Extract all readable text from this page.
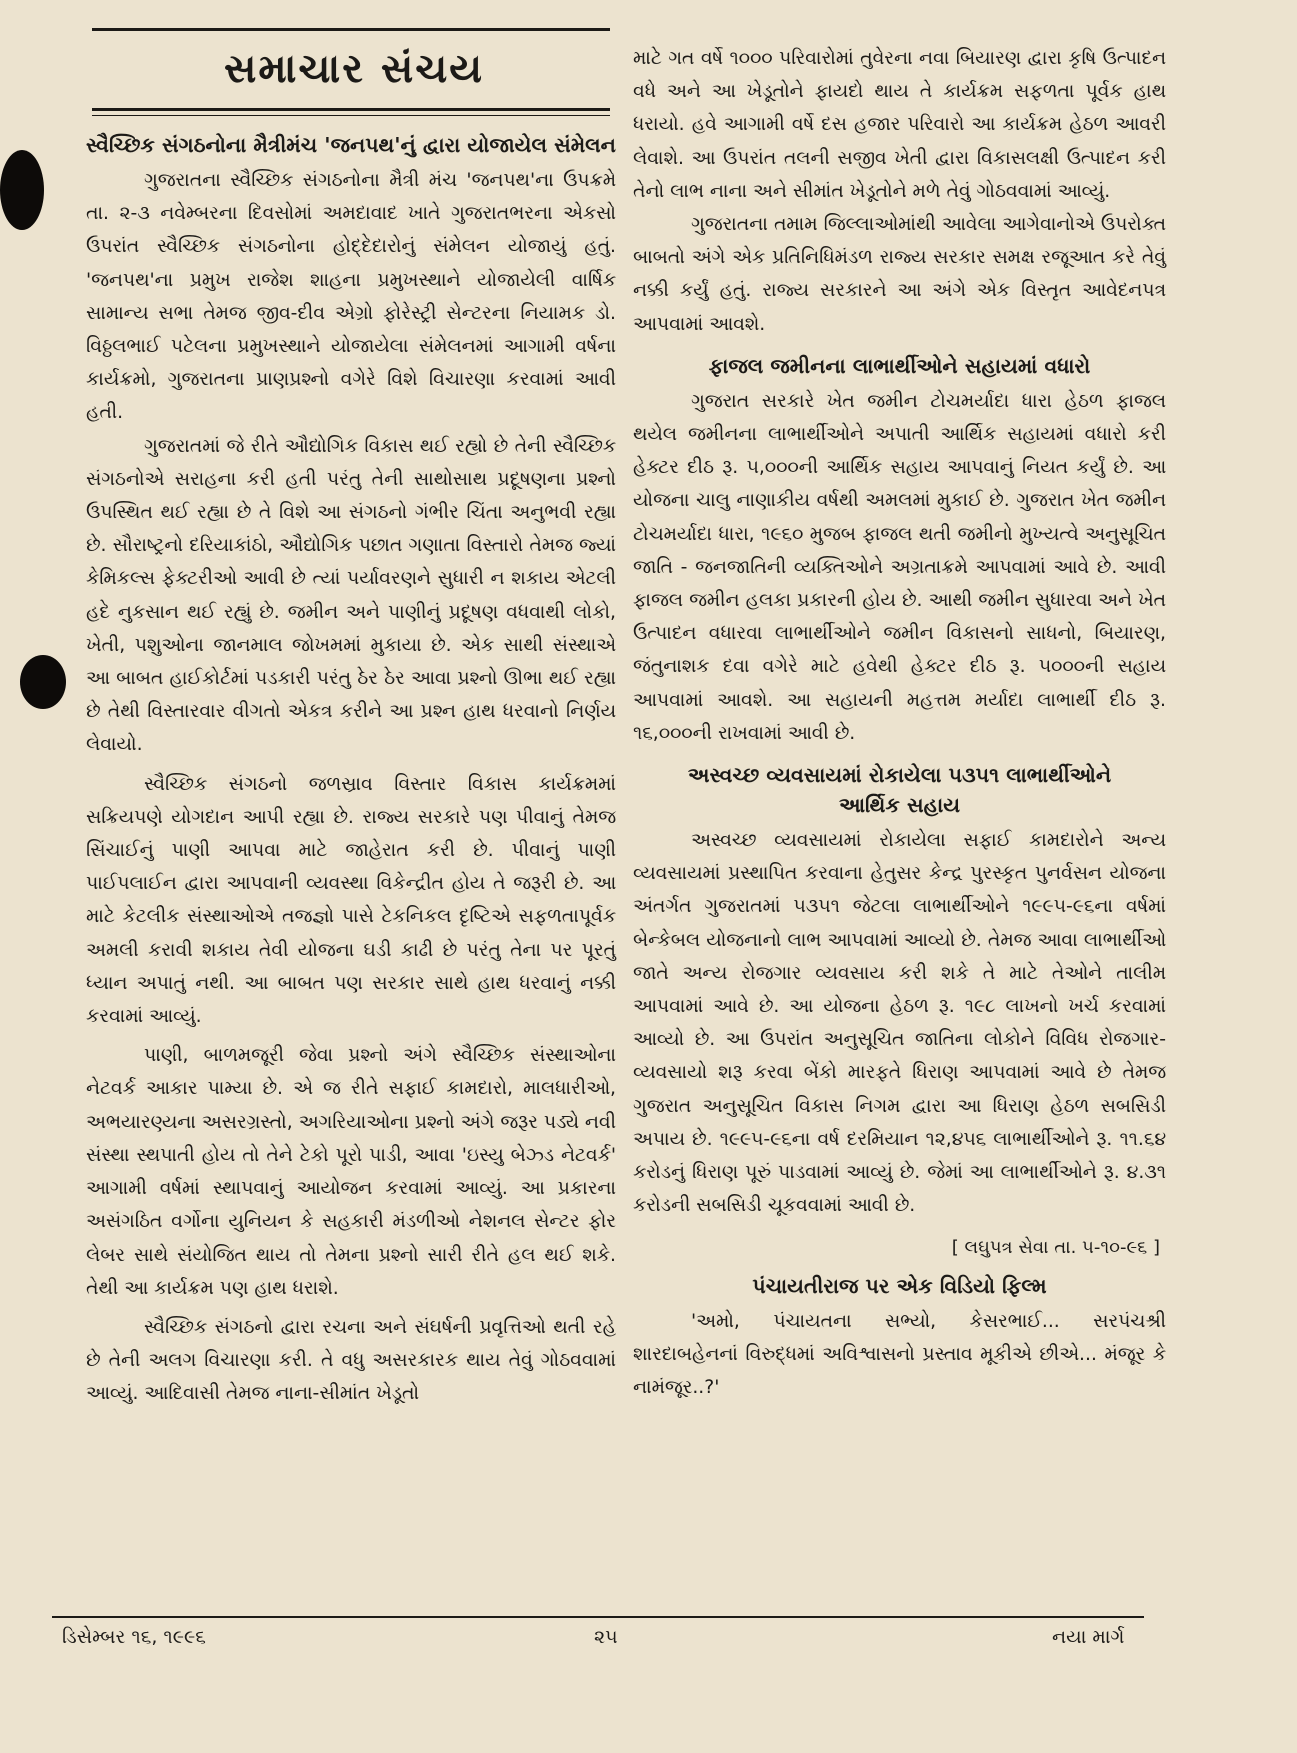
સમાચાર સંચય
સ્વૈચ્છિક સંગઠનોના મૈત્રીમંચ 'જનપથ'નું દ્વારા યોજાયેલ સંમેલન

ગુજરાતના સ્વૈચ્છિક સંગઠનોના મૈત્રી મંચ 'જનપથ'ના ઉપક્રમે તા. ૨-૩ નવેમ્બરના દિવસોમાં અમદાવાદ ખાતે ગુજરાતભરના એકસો ઉપરાંત સ્વૈચ્છિક સંગઠનોના હોદ્દેદારોનું સંમેલન યોજાયું હતું. 'જનપથ'ના પ્રમુખ રાજેશ શાહના પ્રમુખસ્થાને યોજાયેલી વાર્ષિક સામાન્ય સભા તેમજ જીવ-દીવ એગ્રો ફોરેસ્ટ્રી સેન્ટરના નિયામક ડો. વિઠ્ઠલભાઈ પટેલના પ્રમુખસ્થાને યોજાયેલા સંમેલનમાં આગામી વર્ષના કાર્યક્રમો, ગુજરાતના પ્રાણપ્રશ્નો વગેરે વિશે વિચારણા કરવામાં આવી હતી.

ગુજરાતમાં જે રીતે ઔદ્યોગિક વિકાસ થઈ રહ્યો છે તેની સ્વૈચ્છિક સંગઠનોએ સરાહના કરી હતી પરંતુ તેની સાથોસાથ પ્રદૂષણના પ્રશ્નો ઉપસ્થિત થઈ રહ્યા છે તે વિશે આ સંગઠનો ગંભીર ચિંતા અનુભવી રહ્યા છે. સૌરાષ્ટ્રનો દરિયાકાંઠો, ઔદ્યોગિક પછાત ગણાતા વિસ્તારો તેમજ જ્યાં કેમિકલ્સ ફેક્ટરીઓ આવી છે ત્યાં પર્યાવરણને સુધારી ન શકાય એટલી હદે નુકસાન થઈ રહ્યું છે. જમીન અને પાણીનું પ્રદૂષણ વધવાથી લોકો, ખેતી, પશુઓના જાનમાલ જોખમમાં મુકાયા છે. એક સાથી સંસ્થાએ આ બાબત હાઈકોર્ટમાં પડકારી પરંતુ ઠેર ઠેર આવા પ્રશ્નો ઊભા થઈ રહ્યા છે તેથી વિસ્તારવાર વીગતો એકત્ર કરીને આ પ્રશ્ન હાથ ધરવાનો નિર્ણય લેવાયો.

સ્વૈચ્છિક સંગઠનો જળસ્રાવ વિસ્તાર વિકાસ કાર્યક્રમમાં સક્રિયપણે યોગદાન આપી રહ્યા છે. રાજ્ય સરકારે પણ પીવાનું તેમજ સિંચાઈનું પાણી આપવા માટે જાહેરાત કરી છે. પીવાનું પાણી પાઈપલાઈન દ્વારા આપવાની વ્યવસ્થા વિકેન્દ્રીત હોય તે જરૂરી છે. આ માટે કેટલીક સંસ્થાઓએ તજજ્ઞો પાસે ટેકનિકલ દૃષ્ટિએ સફળતાપૂર્વક અમલી કરાવી શકાય તેવી યોજના ઘડી કાઢી છે પરંતુ તેના પર પૂરતું ધ્યાન અપાતું નથી. આ બાબત પણ સરકાર સાથે હાથ ધરવાનું નક્કી કરવામાં આવ્યું.

પાણી, બાળમજૂરી જેવા પ્રશ્નો અંગે સ્વૈચ્છિક સંસ્થાઓના નેટવર્ક આકાર પામ્યા છે. એ જ રીતે સફાઈ કામદારો, માલધારીઓ, અભયારણ્યના અસરગ્રસ્તો, અગરિયાઓના પ્રશ્નો અંગે જરૂર પડ્યે નવી સંસ્થા સ્થપાતી હોય તો તેને ટેકો પૂરો પાડી, આવા 'ઇસ્યુ બેઝ્ડ નેટવર્ક' આગામી વર્ષમાં સ્થાપવાનું આયોજન કરવામાં આવ્યું. આ પ્રકારના અસંગઠિત વર્ગોના યુનિયન કે સહકારી મંડળીઓ નેશનલ સેન્ટર ફોર લેબર સાથે સંયોજિત થાય તો તેમના પ્રશ્નો સારી રીતે હલ થઈ શકે. તેથી આ કાર્યક્રમ પણ હાથ ધરાશે.

સ્વૈચ્છિક સંગઠનો દ્વારા રચના અને સંઘર્ષની પ્રવૃત્તિઓ થતી રહે છે તેની અલગ વિચારણા કરી. તે વધુ અસરકારક થાય તેવું ગોઠવવામાં આવ્યું. આદિવાસી તેમજ નાના-સીમાંત ખેડૂતો

માટે ગત વર્ષે ૧૦૦૦ પરિવારોમાં તુવેરના નવા બિયારણ દ્વારા કૃષિ ઉત્પાદન વધે અને આ ખેડૂતોને ફાયદો થાય તે કાર્યક્રમ સફળતા પૂર્વક હાથ ધરાયો. હવે આગામી વર્ષે દસ હજાર પરિવારો આ કાર્યક્રમ હેઠળ આવરી લેવાશે. આ ઉપરાંત તલની સજીવ ખેતી દ્વારા વિકાસલક્ષી ઉત્પાદન કરી તેનો લાભ નાના અને સીમાંત ખેડૂતોને મળે તેવું ગોઠવવામાં આવ્યું.

ગુજરાતના તમામ જિલ્લાઓમાંથી આવેલા આગેવાનોએ ઉપરોક્ત બાબતો અંગે એક પ્રતિનિધિમંડળ રાજ્ય સરકાર સમક્ષ રજૂઆત કરે તેવું નક્કી કર્યું હતું. રાજ્ય સરકારને આ અંગે એક વિસ્તૃત આવેદનપત્ર આપવામાં આવશે.

ફાજલ જમીનના લાભાર્થીઓને સહાયમાં વધારો

ગુજરાત સરકારે ખેત જમીન ટોચમર્યાદા ધારા હેઠળ ફાજલ થયેલ જમીનના લાભાર્થીઓને અપાતી આર્થિક સહાયમાં વધારો કરી હેક્ટર દીઠ રૂ. ૫,૦૦૦ની આર્થિક સહાય આપવાનું નિયત કર્યું છે. આ યોજના ચાલુ નાણાકીય વર્ષથી અમલમાં મુકાઈ છે. ગુજરાત ખેત જમીન ટોચમર્યાદા ધારા, ૧૯૬૦ મુજબ ફાજલ થતી જમીનો મુખ્યત્વે અનુસૂચિત જાતિ - જનજાતિની વ્યક્તિઓને અગ્રતાક્રમે આપવામાં આવે છે. આવી ફાજલ જમીન હલકા પ્રકારની હોય છે. આથી જમીન સુધારવા અને ખેત ઉત્પાદન વધારવા લાભાર્થીઓને જમીન વિકાસનો સાધનો, બિયારણ, જંતુનાશક દવા વગેરે માટે હવેથી હેક્ટર દીઠ રૂ. ૫૦૦૦ની સહાય આપવામાં આવશે. આ સહાયની મહત્તમ મર્યાદા લાભાર્થી દીઠ રૂ. ૧૬,૦૦૦ની રાખવામાં આવી છે.

અસ્વચ્છ વ્યવસાયમાં રોકાયેલા ૫૩૫૧ લાભાર્થીઓને આર્થિક સહાય

અસ્વચ્છ વ્યવસાયમાં રોકાયેલા સફાઈ કામદારોને અન્ય વ્યવસાયમાં પ્રસ્થાપિત કરવાના હેતુસર કેન્દ્ર પુરસ્કૃત પુનર્વસન યોજના અંતર્ગત ગુજરાતમાં ૫૩૫૧ જેટલા લાભાર્થીઓને ૧૯૯૫-૯૬ના વર્ષમાં બેન્કેબલ યોજનાનો લાભ આપવામાં આવ્યો છે. તેમજ આવા લાભાર્થીઓ જાતે અન્ય રોજગાર વ્યવસાય કરી શકે તે માટે તેઓને તાલીમ આપવામાં આવે છે. આ યોજના હેઠળ રૂ. ૧૯૮ લાખનો ખર્ચ કરવામાં આવ્યો છે. આ ઉપરાંત અનુસૂચિત જાતિના લોકોને વિવિધ રોજગાર-વ્યવસાયો શરૂ કરવા બેંકો મારફતે ધિરાણ આપવામાં આવે છે તેમજ ગુજરાત અનુસૂચિત વિકાસ નિગમ દ્વારા આ ધિરાણ હેઠળ સબસિડી અપાય છે. ૧૯૯૫-૯૬ના વર્ષ દરમિયાન ૧૨,૪૫૬ લાભાર્થીઓને રૂ. ૧૧.૬૪ કરોડનું ધિરાણ પૂરું પાડવામાં આવ્યું છે. જેમાં આ લાભાર્થીઓને રૂ. ૪.૩૧ કરોડની સબસિડી ચૂકવવામાં આવી છે.

[ લઘુપત્ર સેવા તા. ૫-૧૦-૯૬ ]
પંચાયતીરાજ પર એક વિડિયો ફિલ્મ

'અમો, પંચાયતના સભ્યો, કેસરભાઈ... સરપંચશ્રી શારદાબહેનનાં વિરુદ્ધમાં અવિશ્વાસનો પ્રસ્તાવ મૂકીએ છીએ... મંજૂર કે નામંજૂર..?'

ડિસેમ્બર ૧૬, ૧૯૯૬	૨૫	નયા માર્ગ
